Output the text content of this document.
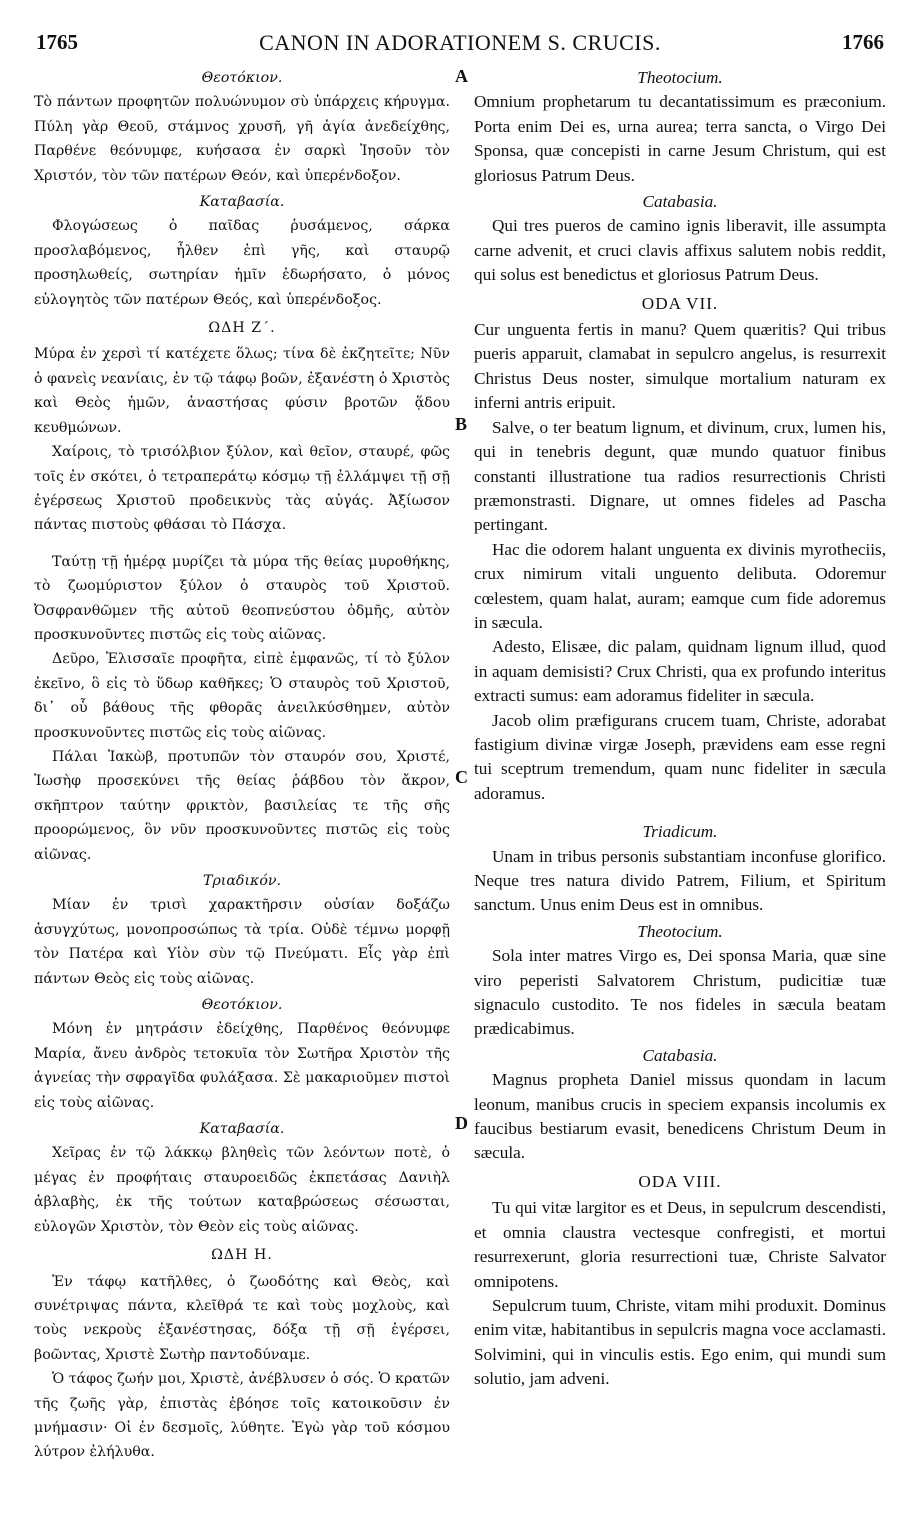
1765	CANON IN ADORATIONEM S. CRUCIS.	1766
A
B
C
D
Θεοτόκιον.

Τὸ πάντων προφητῶν πολυώνυμον σὺ ὑπάρχεις κήρυγμα. Πύλη γὰρ Θεοῦ, στάμνος χρυσῆ, γῆ ἁγία ἀνεδείχθης, Παρθένε θεόνυμφε, κυήσασα ἐν σαρκὶ Ἰησοῦν τὸν Χριστόν, τὸν τῶν πατέρων Θεόν, καὶ ὑπερένδοξον.

Καταβασία.

Φλογώσεως ὁ παῖδας ῥυσάμενος, σάρκα προσλαβόμενος, ἦλθεν ἐπὶ γῆς, καὶ σταυρῷ προσηλωθείς, σωτηρίαν ἡμῖν ἐδωρήσατο, ὁ μόνος εὐλογητὸς τῶν πατέρων Θεός, καὶ ὑπερένδοξος.

ΩΔΗ Ζ΄.

Μύρα ἐν χερσὶ τί κατέχετε ὅλως; τίνα δὲ ἐκζητεῖτε; Νῦν ὁ φανεὶς νεανίαις, ἐν τῷ τάφῳ βοῶν, ἐξανέστη ὁ Χριστὸς καὶ Θεὸς ἡμῶν, ἀναστήσας φύσιν βροτῶν ᾅδου κευθμώνων.

Χαίροις, τὸ τρισόλβιον ξύλον, καὶ θεῖον, σταυρέ, φῶς τοῖς ἐν σκότει, ὁ τετραπεράτῳ κόσμῳ τῇ ἐλλάμψει τῇ σῇ ἐγέρσεως Χριστοῦ προδεικνὺς τὰς αὐγάς. Ἀξίωσον πάντας πιστοὺς φθάσαι τὸ Πάσχα.

Ταύτῃ τῇ ἡμέρᾳ μυρίζει τὰ μύρα τῆς θείας μυροθήκης, τὸ ζωομύριστον ξύλον ὁ σταυρὸς τοῦ Χριστοῦ. Ὀσφρανθῶμεν τῆς αὐτοῦ θεοπνεύστου ὀδμῆς, αὐτὸν προσκυνοῦντες πιστῶς εἰς τοὺς αἰῶνας.

Δεῦρο, Ἐλισσαῖε προφῆτα, εἰπὲ ἐμφανῶς, τί τὸ ξύλον ἐκεῖνο, ὃ εἰς τὸ ὕδωρ καθῆκες; Ὁ σταυρὸς τοῦ Χριστοῦ, δι᾽ οὗ βάθους τῆς φθορᾶς ἀνειλκύσθημεν, αὐτὸν προσκυνοῦντες πιστῶς εἰς τοὺς αἰῶνας.

Πάλαι Ἰακὼβ, προτυπῶν τὸν σταυρόν σου, Χριστέ, Ἰωσὴφ προσεκύνει τῆς θείας ῥάβδου τὸν ἄκρον, σκῆπτρον ταύτην φρικτὸν, βασιλείας τε τῆς σῆς προορώμενος, ὃν νῦν προσκυνοῦντες πιστῶς εἰς τοὺς αἰῶνας.

Τριαδικόν.

Μίαν ἐν τρισὶ χαρακτῆρσιν οὐσίαν δοξάζω ἀσυγχύτως, μονοπροσώπως τὰ τρία. Οὐδὲ τέμνω μορφῇ τὸν Πατέρα καὶ Υἱὸν σὺν τῷ Πνεύματι. Εἷς γὰρ ἐπὶ πάντων Θεὸς εἰς τοὺς αἰῶνας.

Θεοτόκιον.

Μόνη ἐν μητράσιν ἐδείχθης, Παρθένος θεόνυμφε Μαρία, ἄνευ ἀνδρὸς τετοκυῖα τὸν Σωτῆρα Χριστὸν τῆς ἁγνείας τὴν σφραγῖδα φυλάξασα. Σὲ μακαριοῦμεν πιστοὶ εἰς τοὺς αἰῶνας.

Καταβασία.

Χεῖρας ἐν τῷ λάκκῳ βληθεὶς τῶν λεόντων ποτὲ, ὁ μέγας ἐν προφήταις σταυροειδῶς ἐκπετάσας Δανιὴλ ἀβλαβὴς, ἐκ τῆς τούτων καταβρώσεως σέσωσται, εὐλογῶν Χριστὸν, τὸν Θεὸν εἰς τοὺς αἰῶνας.

ΩΔΗ Η.

Ἐν τάφῳ κατῆλθες, ὁ ζωοδότης καὶ Θεὸς, καὶ συνέτριψας πάντα, κλεῖθρά τε καὶ τοὺς μοχλοὺς, καὶ τοὺς νεκροὺς ἐξανέστησας, δόξα τῇ σῇ ἐγέρσει, βοῶντας, Χριστὲ Σωτὴρ παντοδύναμε.

Ὁ τάφος ζωήν μοι, Χριστὲ, ἀνέβλυσεν ὁ σός. Ὁ κρατῶν τῆς ζωῆς γὰρ, ἐπιστὰς ἐβόησε τοῖς κατοικοῦσιν ἐν μνήμασιν· Οἱ ἐν δεσμοῖς, λύθητε. Ἐγὼ γὰρ τοῦ κόσμου λύτρον ἐλήλυθα.

Theotocium.

Omnium prophetarum tu decantatissimum es præconium. Porta enim Dei es, urna aurea; terra sancta, o Virgo Dei Sponsa, quæ concepisti in carne Jesum Christum, qui est gloriosus Patrum Deus.

Catabasia.

Qui tres pueros de camino ignis liberavit, ille assumpta carne advenit, et cruci clavis affixus salutem nobis reddit, qui solus est benedictus et gloriosus Patrum Deus.

ODA VII.

Cur unguenta fertis in manu? Quem quæritis? Qui tribus pueris apparuit, clamabat in sepulcro angelus, is resurrexit Christus Deus noster, simulque mortalium naturam ex inferni antris eripuit.

Salve, o ter beatum lignum, et divinum, crux, lumen his, qui in tenebris degunt, quæ mundo quatuor finibus constanti illustratione tua radios resurrectionis Christi præmonstrasti. Dignare, ut omnes fideles ad Pascha pertingant.

Hac die odorem halant unguenta ex divinis myrotheciis, crux nimirum vitali unguento delibuta. Odoremur cœlestem, quam halat, auram; eamque cum fide adoremus in sæcula.

Adesto, Elisæe, dic palam, quidnam lignum illud, quod in aquam demisisti? Crux Christi, qua ex profundo interitus extracti sumus: eam adoramus fideliter in sæcula.

Jacob olim præfigurans crucem tuam, Christe, adorabat fastigium divinæ virgæ Joseph, prævidens eam esse regni tui sceptrum tremendum, quam nunc fideliter in sæcula adoramus.

Triadicum.

Unam in tribus personis substantiam inconfuse glorifico. Neque tres natura divido Patrem, Filium, et Spiritum sanctum. Unus enim Deus est in omnibus.

Theotocium.

Sola inter matres Virgo es, Dei sponsa Maria, quæ sine viro peperisti Salvatorem Christum, pudicitiæ tuæ signaculo custodito. Te nos fideles in sæcula beatam prædicabimus.

Catabasia.

Magnus propheta Daniel missus quondam in lacum leonum, manibus crucis in speciem expansis incolumis ex faucibus bestiarum evasit, benedicens Christum Deum in sæcula.

ODA VIII.

Tu qui vitæ largitor es et Deus, in sepulcrum descendisti, et omnia claustra vectesque confregisti, et mortui resurrexerunt, gloria resurrectioni tuæ, Christe Salvator omnipotens.

Sepulcrum tuum, Christe, vitam mihi produxit. Dominus enim vitæ, habitantibus in sepulcris magna voce acclamasti. Solvimini, qui in vinculis estis. Ego enim, qui mundi sum solutio, jam adveni.
